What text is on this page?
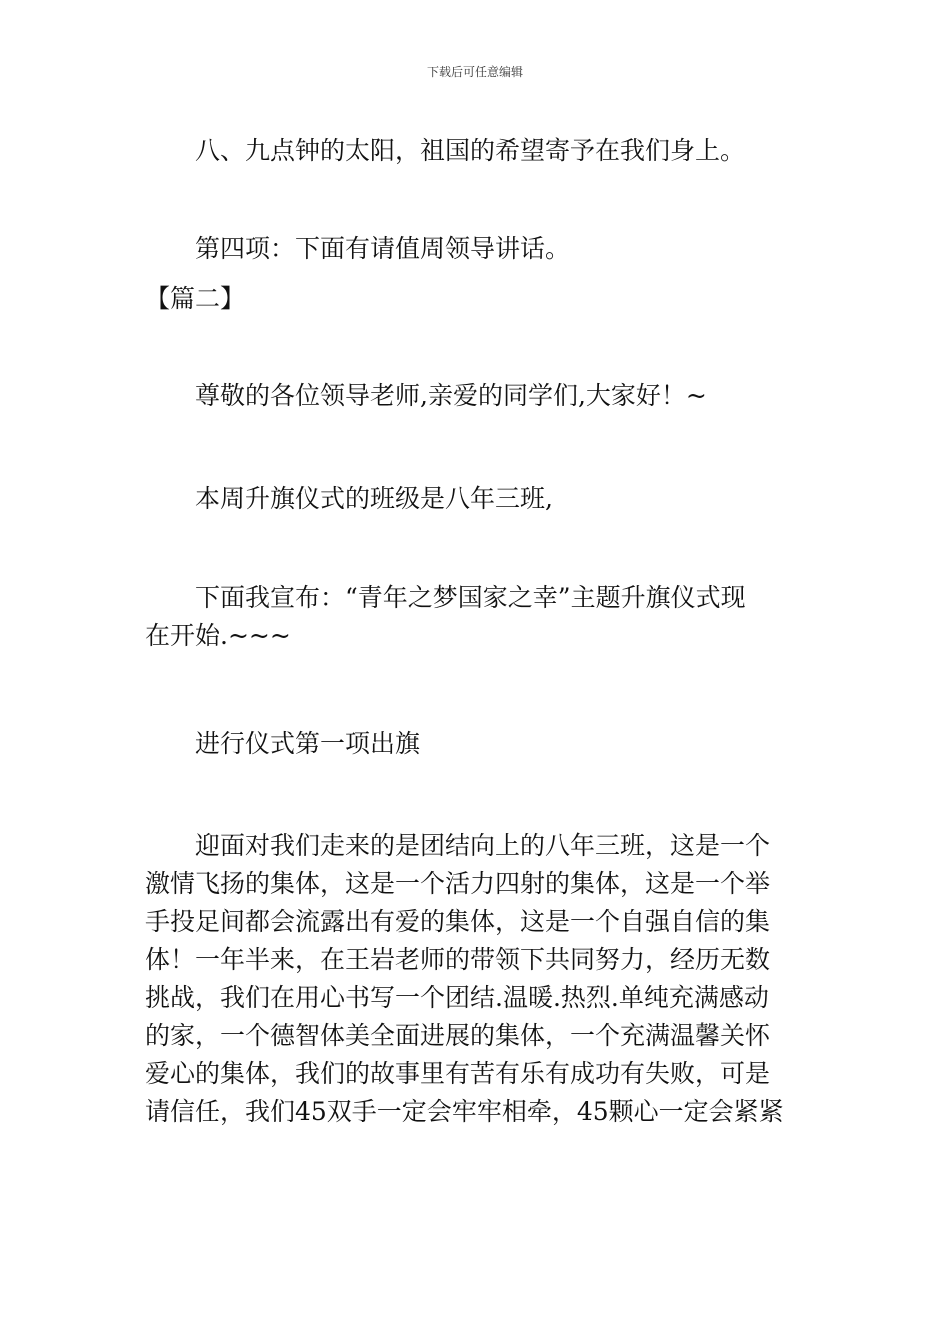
下载后可任意编辑
八、九点钟的太阳，祖国的希望寄予在我们身上。
第四项：下面有请值周领导讲话。
【篇二】
尊敬的各位领导老师,亲爱的同学们,大家好！~
本周升旗仪式的班级是八年三班,
下面我宣布：“青年之梦国家之幸”主题升旗仪式现
在开始.~~~
进行仪式第一项出旗
迎面对我们走来的是团结向上的八年三班，这是一个
激情飞扬的集体，这是一个活力四射的集体，这是一个举
手投足间都会流露出有爱的集体，这是一个自强自信的集
体！一年半来，在王岩老师的带领下共同努力，经历无数
挑战，我们在用心书写一个团结.温暖.热烈.单纯充满感动
的家，一个德智体美全面进展的集体，一个充满温馨关怀
爱心的集体，我们的故事里有苦有乐有成功有失败，可是
请信任，我们45双手一定会牢牢相牵，45颗心一定会紧紧
